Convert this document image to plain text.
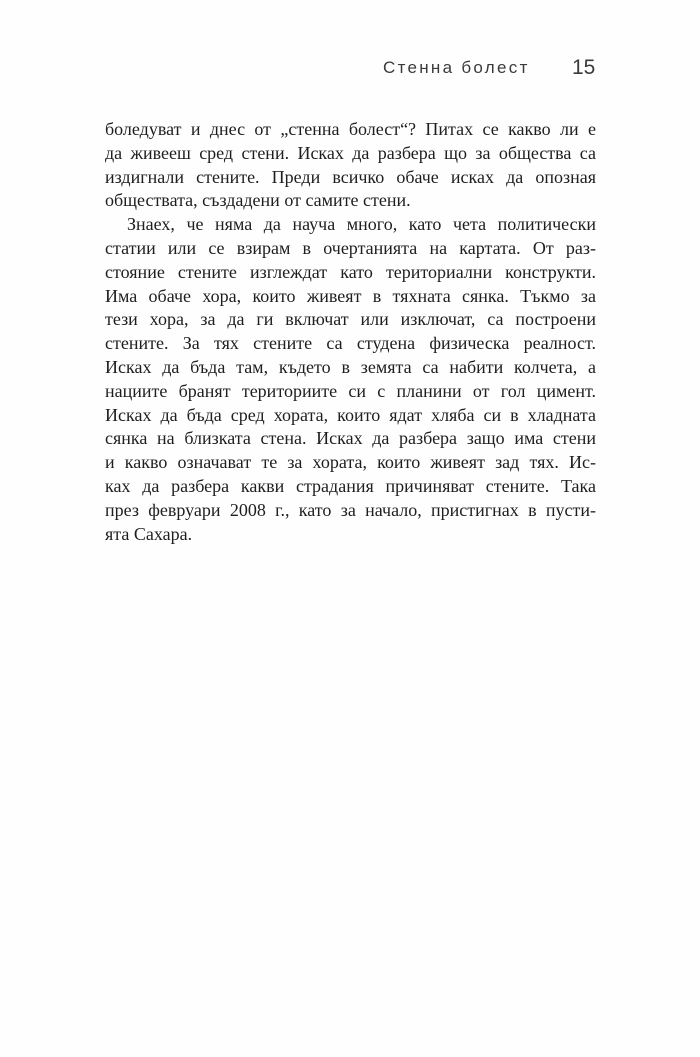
Стенна болест 15
боледуват и днес от „стенна болест“? Питах се какво ли е
да живееш сред стени. Исках да разбера що за общества са
издигнали стените. Преди всичко обаче исках да опозная
обществата, създадени от самите стени.
Знаех, че няма да науча много, като чета политически
статии или се взирам в очертанията на картата. От раз-
стояние стените изглеждат като териториални конструкти.
Има обаче хора, които живеят в тяхната сянка. Тъкмо за
тези хора, за да ги включат или изключат, са построени
стените. За тях стените са студена физическа реалност.
Исках да бъда там, където в земята са набити колчета, а
нациите бранят териториите си с планини от гол цимент.
Исках да бъда сред хората, които ядат хляба си в хладната
сянка на близката стена. Исках да разбера защо има стени
и какво означават те за хората, които живеят зад тях. Ис-
ках да разбера какви страдания причиняват стените. Така
през февруари 2008 г., като за начало, пристигнах в пусти-
ята Сахара.
